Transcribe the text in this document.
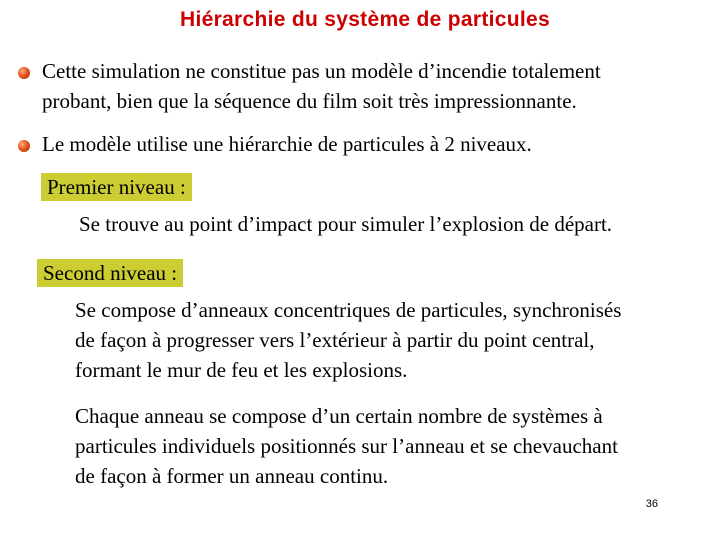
Hiérarchie du système de particules
Cette simulation ne constitue pas un modèle d’incendie totalement
probant, bien que la séquence du film soit très impressionnante.
Le modèle utilise une hiérarchie de particules à 2 niveaux.
Premier niveau :
Se trouve au point d’impact pour simuler l’explosion de départ.
Second niveau :
Se compose d’anneaux concentriques de particules, synchronisés
de façon à progresser vers l’extérieur à partir du point central,
formant le mur de feu et les explosions.
Chaque anneau se compose d’un certain nombre de systèmes à
particules individuels positionnés sur l’anneau et se chevauchant
de façon à former un anneau continu.
36
